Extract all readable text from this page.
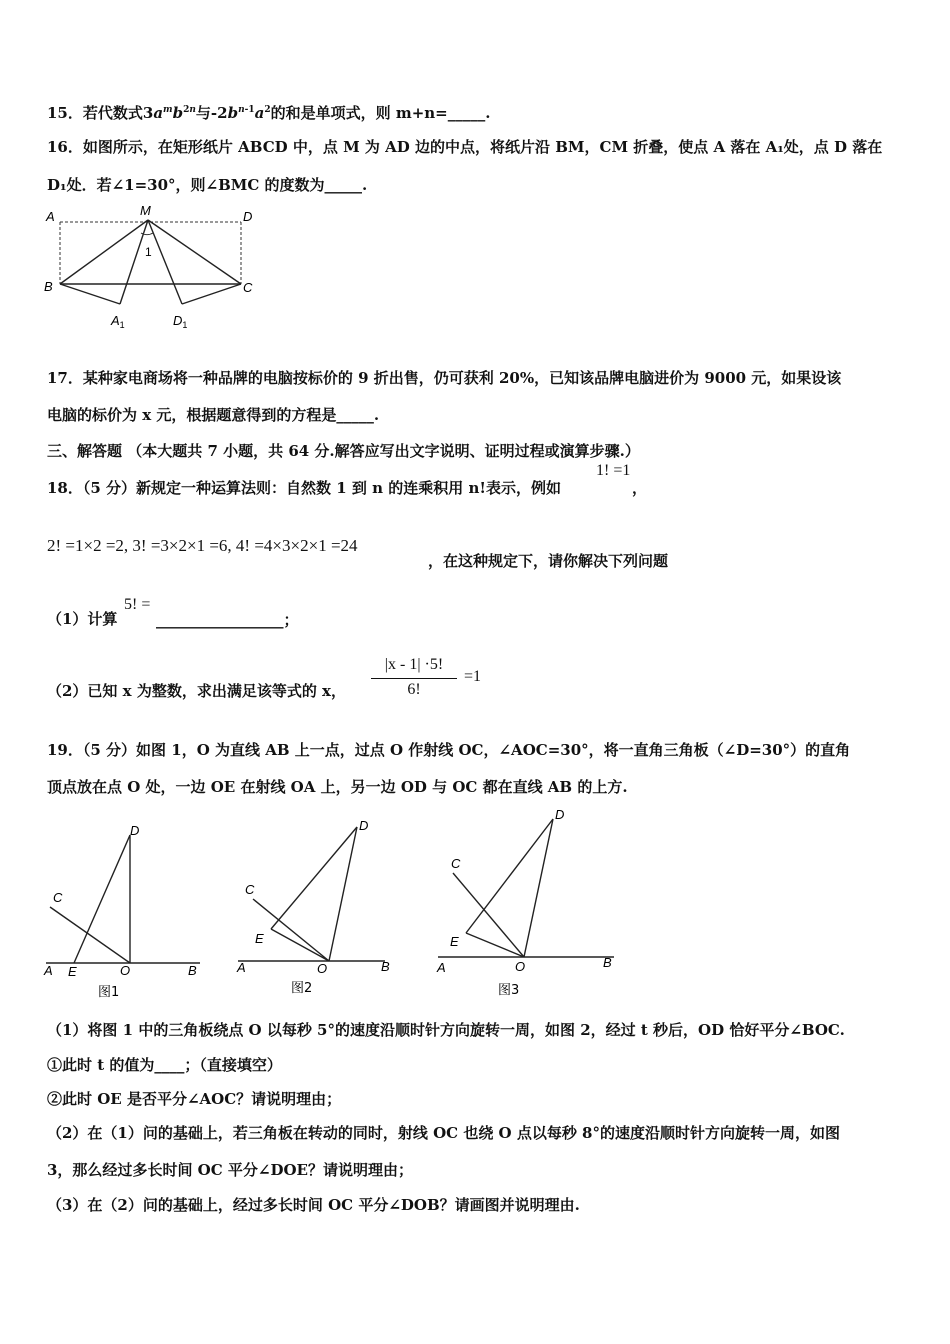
15．若代数式$3a^mb^{2n}$与$-2b^{n-1}a^2$的和是单项式，则 m+n=_____.
16．如图所示，在矩形纸片 ABCD 中，点 M 为 AD 边的中点，将纸片沿 BM，CM 折叠，使点 A 落在 A₁处，点 D 落在
D₁处．若∠1=30°，则∠BMC 的度数为_____.
A	M	D
B	C
1
$A_1$	$D_1$
17．某种家电商场将一种品牌的电脑按标价的 9 折出售，仍可获利 20%，已知该品牌电脑进价为 9000 元，如果设该
电脑的标价为 x 元，根据题意得到的方程是_____.
三、解答题 （本大题共 7 小题，共 64 分.解答应写出文字说明、证明过程或演算步骤.）
18．（5 分）新规定一种运算法则：自然数 1 到 n 的连乘积用 n!表示，例如
1! =1
，
2! =1×2 =2, 3! =3×2×1 =6, 4! =4×3×2×1 =24
，在这种规定下，请你解决下列问题
（1）计算
5! =
_________________；
（2）已知 x 为整数，求出满足该等式的 x，
|x - 1| ·5!
6!
=1
19．（5 分）如图 1，O 为直线 AB 上一点，过点 O 作射线 OC，∠AOC=30°，将一直角三角板（∠D=30°）的直角
顶点放在点 O 处，一边 OE 在射线 OA 上，另一边 OD 与 OC 都在直线 AB 的上方.
A E	O	B
C
D
图1
A
E
O	B
C
D
图2
A
E
O	B
C
D
图3
（1）将图 1 中的三角板绕点 O 以每秒 5°的速度沿顺时针方向旋转一周，如图 2，经过 t 秒后，OD 恰好平分∠BOC.
①此时 t 的值为____；（直接填空）
②此时 OE 是否平分∠AOC？请说明理由；
（2）在（1）问的基础上，若三角板在转动的同时，射线 OC 也绕 O 点以每秒 8°的速度沿顺时针方向旋转一周，如图
3，那么经过多长时间 OC 平分∠DOE？请说明理由；
（3）在（2）问的基础上，经过多长时间 OC 平分∠DOB？请画图并说明理由.
